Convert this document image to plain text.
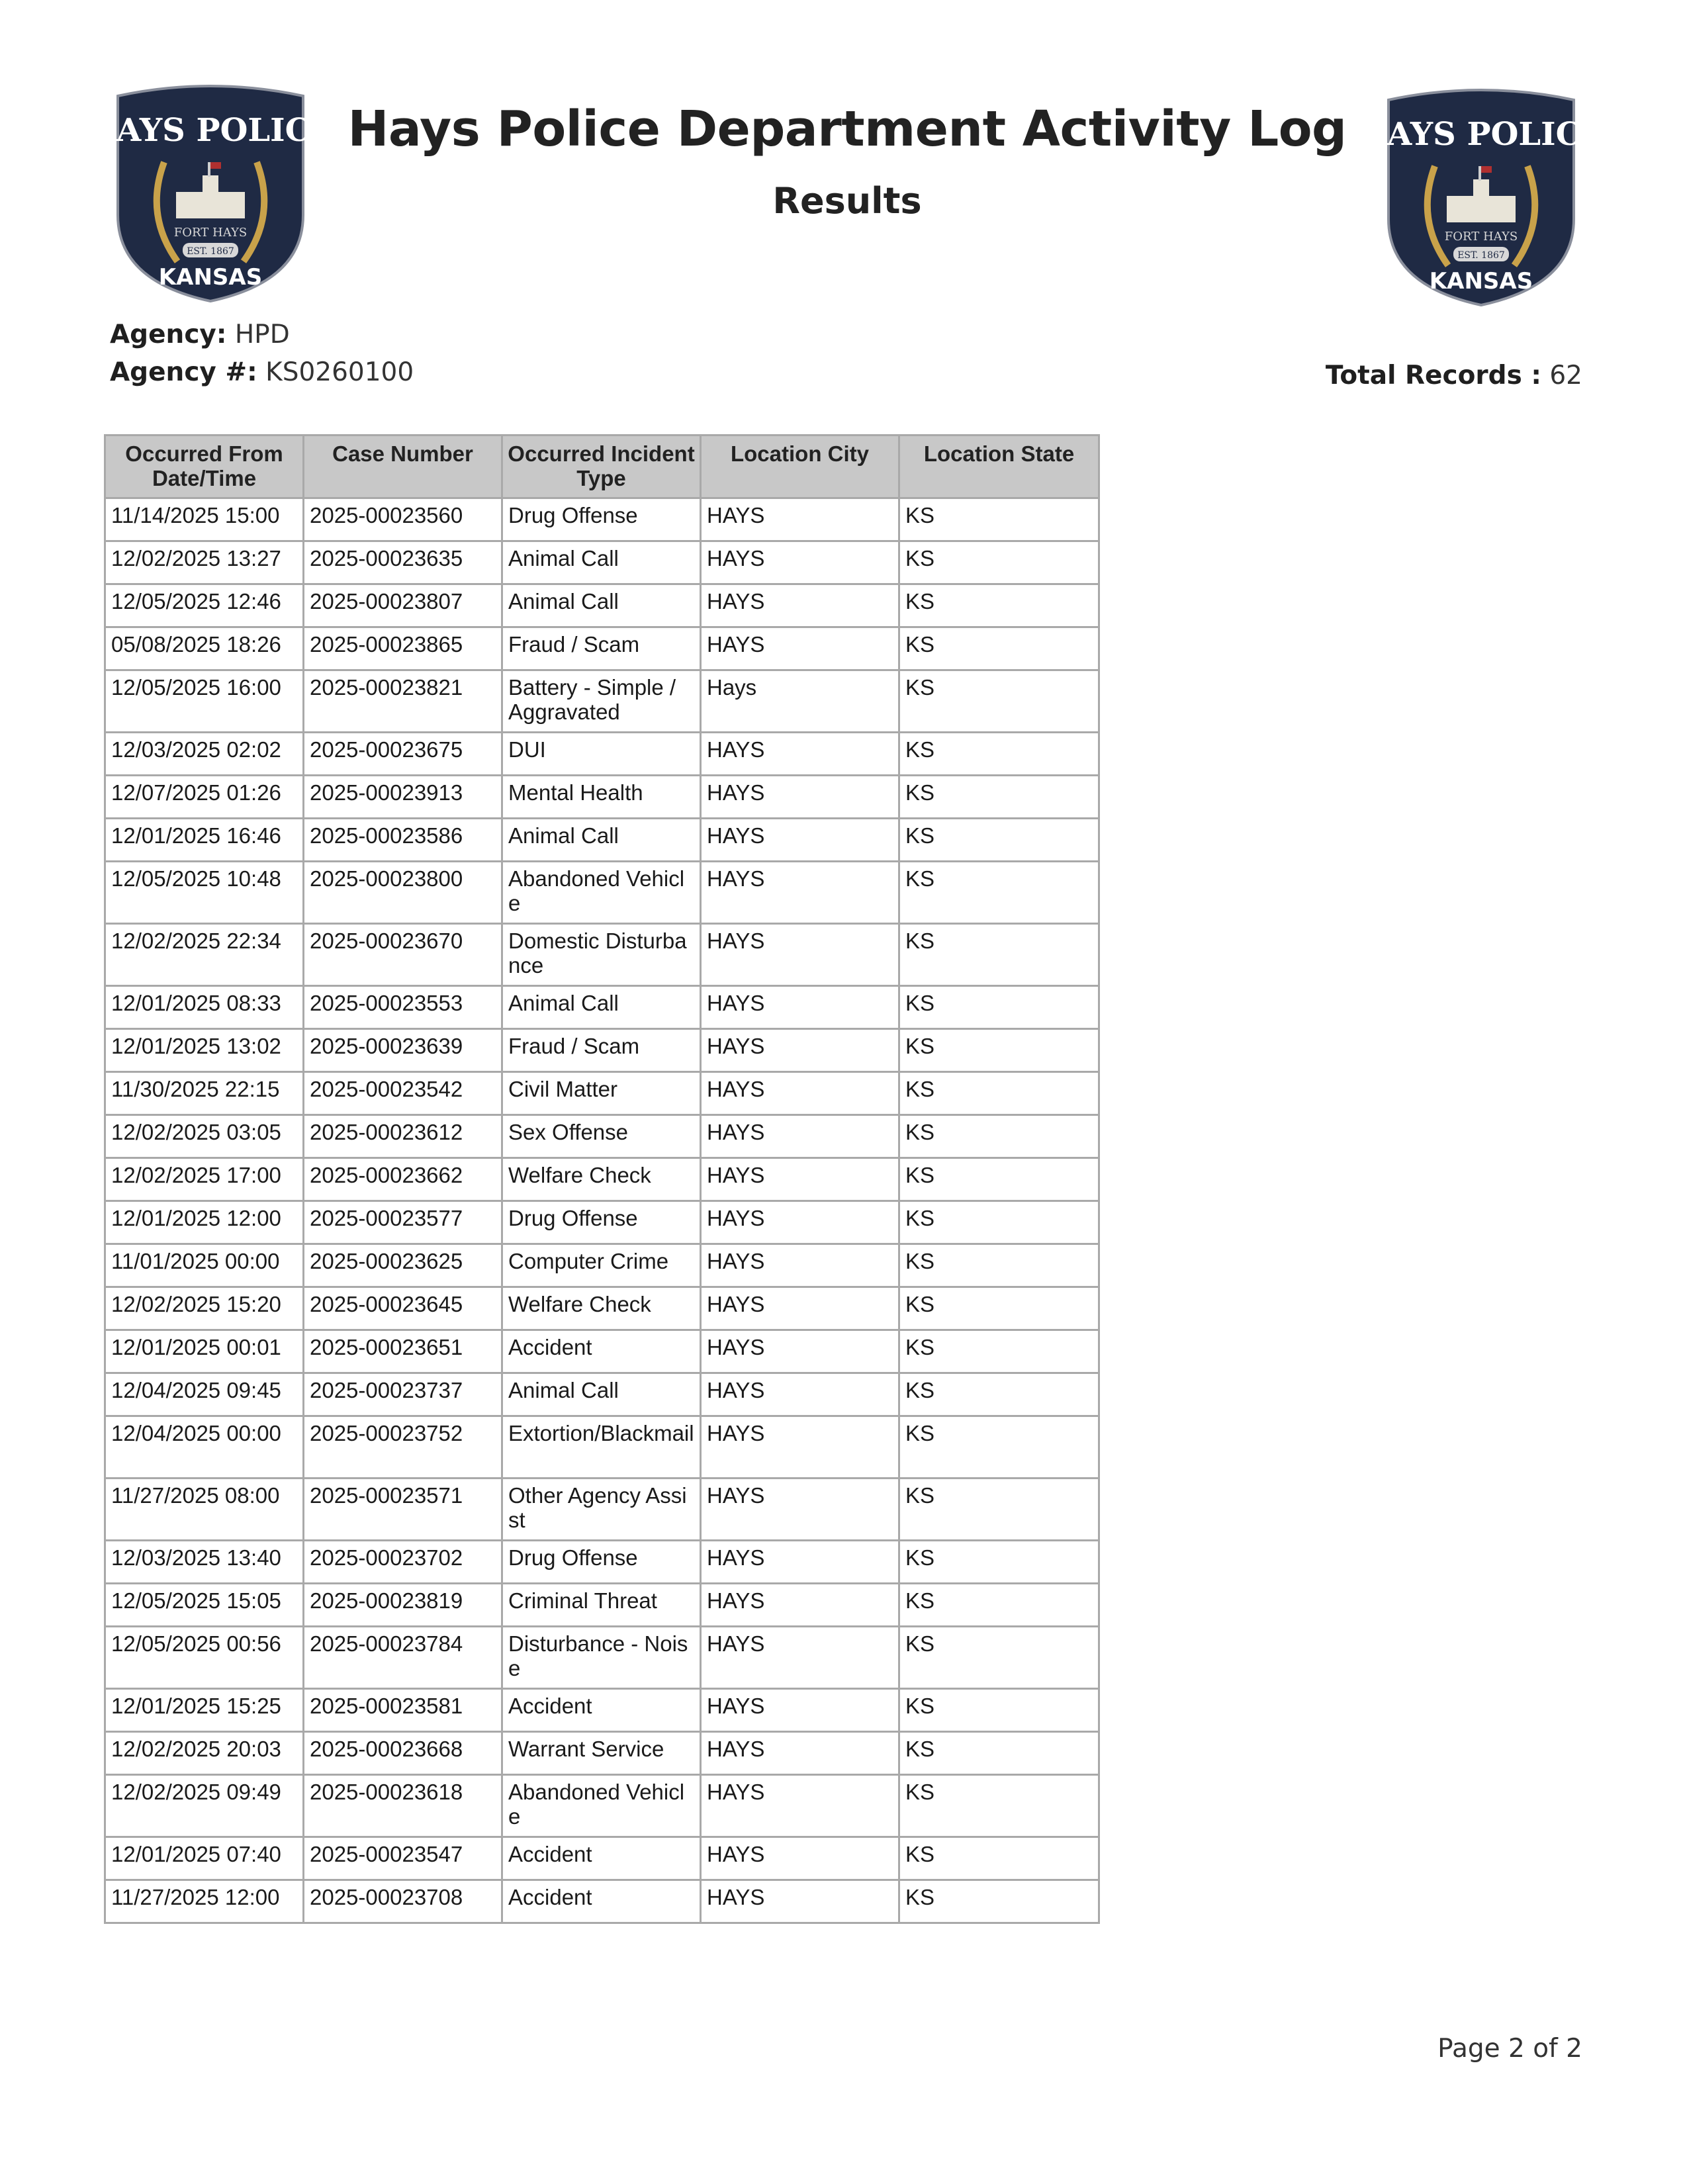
HAYS POLICE
FORT HAYS
EST. 1867
KANSAS
HAYS POLICE
FORT HAYS
EST. 1867
KANSAS
Hays Police Department Activity Log
Results
Agency: HPD
Agency #: KS0260100	Total Records : 62
Occurred From Date/Time	Case Number	Occurred Incident Type	Location City	Location State
11/14/2025 15:00	2025-00023560	Drug Offense	HAYS	KS
12/02/2025 13:27	2025-00023635	Animal Call	HAYS	KS
12/05/2025 12:46	2025-00023807	Animal Call	HAYS	KS
05/08/2025 18:26	2025-00023865	Fraud / Scam	HAYS	KS
12/05/2025 16:00	2025-00023821	Battery - Simple / Aggravated	Hays	KS
12/03/2025 02:02	2025-00023675	DUI	HAYS	KS
12/07/2025 01:26	2025-00023913	Mental Health	HAYS	KS
12/01/2025 16:46	2025-00023586	Animal Call	HAYS	KS
12/05/2025 10:48	2025-00023800	Abandoned Vehicle	HAYS	KS
12/02/2025 22:34	2025-00023670	Domestic Disturbance	HAYS	KS
12/01/2025 08:33	2025-00023553	Animal Call	HAYS	KS
12/01/2025 13:02	2025-00023639	Fraud / Scam	HAYS	KS
11/30/2025 22:15	2025-00023542	Civil Matter	HAYS	KS
12/02/2025 03:05	2025-00023612	Sex Offense	HAYS	KS
12/02/2025 17:00	2025-00023662	Welfare Check	HAYS	KS
12/01/2025 12:00	2025-00023577	Drug Offense	HAYS	KS
11/01/2025 00:00	2025-00023625	Computer Crime	HAYS	KS
12/02/2025 15:20	2025-00023645	Welfare Check	HAYS	KS
12/01/2025 00:01	2025-00023651	Accident	HAYS	KS
12/04/2025 09:45	2025-00023737	Animal Call	HAYS	KS
12/04/2025 00:00	2025-00023752	Extortion/Blackmail	HAYS	KS
11/27/2025 08:00	2025-00023571	Other Agency Assist	HAYS	KS
12/03/2025 13:40	2025-00023702	Drug Offense	HAYS	KS
12/05/2025 15:05	2025-00023819	Criminal Threat	HAYS	KS
12/05/2025 00:56	2025-00023784	Disturbance - Noise	HAYS	KS
12/01/2025 15:25	2025-00023581	Accident	HAYS	KS
12/02/2025 20:03	2025-00023668	Warrant Service	HAYS	KS
12/02/2025 09:49	2025-00023618	Abandoned Vehicle	HAYS	KS
12/01/2025 07:40	2025-00023547	Accident	HAYS	KS
11/27/2025 12:00	2025-00023708	Accident	HAYS	KS
Page 2 of 2
